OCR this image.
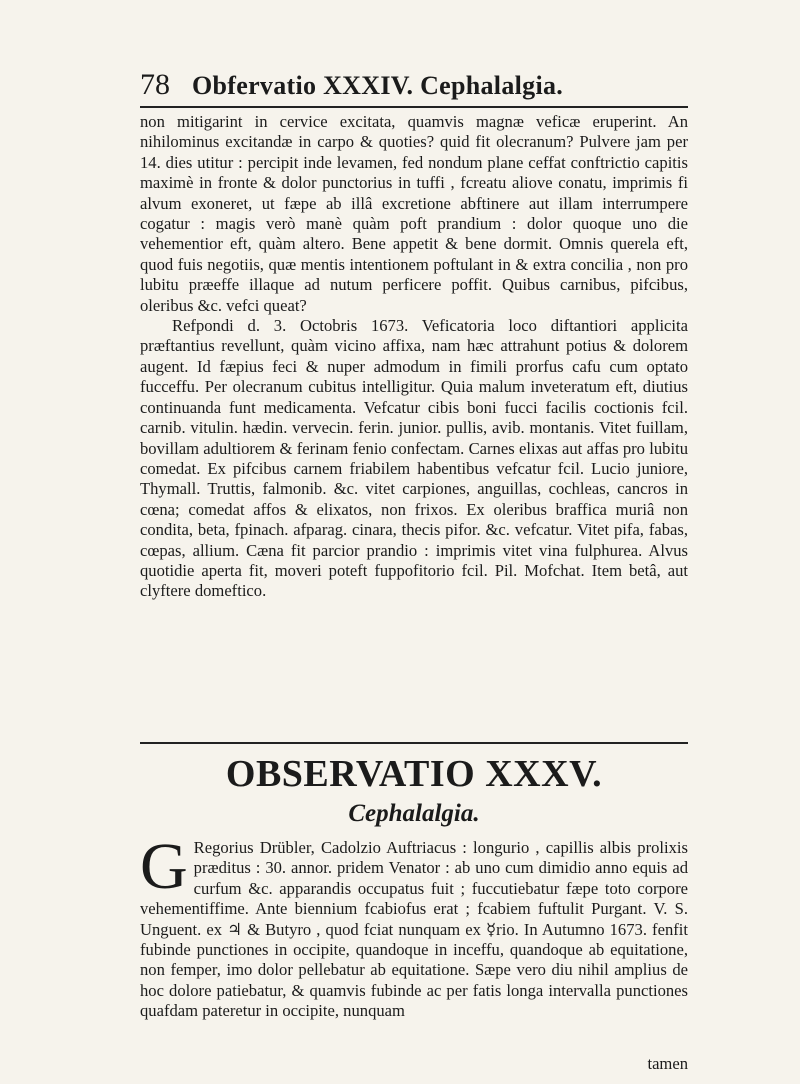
78 Obfervatio XXXIV. Cephalalgia.

non mitigarint in cervice excitata, quamvis magnæ veficæ eruperint. An nihilominus excitandæ in carpo & quoties? quid fit olecranum? Pulvere jam per 14. dies utitur : percipit inde levamen, fed nondum plane ceffat conftrictio capitis maximè in fronte & dolor punctorius in tuffi , fcreatu aliove conatu, imprimis fi alvum exoneret, ut fæpe ab illâ excretione abftinere aut illam interrumpere cogatur : magis verò manè quàm poft prandium : dolor quoque uno die vehementior eft, quàm altero. Bene appetit & bene dormit. Omnis querela eft, quod fuis negotiis, quæ mentis intentionem poftulant in & extra concilia , non pro lubitu præeffe illaque ad nutum perficere poffit. Quibus carnibus, pifcibus, oleribus &c. vefci queat?

Refpondi d. 3. Octobris 1673. Veficatoria loco diftantiori applicita præftantius revellunt, quàm vicino affixa, nam hæc attrahunt potius & dolorem augent. Id fæpius feci & nuper admodum in fimili prorfus cafu cum optato fucceffu. Per olecranum cubitus intelligitur. Quia malum inveteratum eft, diutius continuanda funt medicamenta. Vefcatur cibis boni fucci facilis coctionis fcil. carnib. vitulin. hædin. vervecin. ferin. junior. pullis, avib. montanis. Vitet fuillam, bovillam adultiorem & ferinam fenio confectam. Carnes elixas aut affas pro lubitu comedat. Ex pifcibus carnem friabilem habentibus vefcatur fcil. Lucio juniore, Thymall. Truttis, falmonib. &c. vitet carpiones, anguillas, cochleas, cancros in cœna; comedat affos & elixatos, non frixos. Ex oleribus braffica muriâ non condita, beta, fpinach. afparag. cinara, thecis pifor. &c. vefcatur. Vitet pifa, fabas, cœpas, allium. Cæna fit parcior prandio : imprimis vitet vina fulphurea. Alvus quotidie aperta fit, moveri poteft fuppofitorio fcil. Pil. Mofchat. Item betâ, aut clyftere domeftico.

OBSERVATIO XXXV.
Cephalalgia.
G Regorius Drübler, Cadolzio Auftriacus : longurio , capillis albis prolixis præditus : 30. annor. pridem Venator : ab uno cum dimidio anno equis ad curfum &c. apparandis occupatus fuit ; fuccutiebatur fæpe toto corpore vehementiffime. Ante biennium fcabiofus erat ; fcabiem fuftulit Purgant. V. S. Unguent. ex ♃ & Butyro , quod fciat nunquam ex ☿rio. In Autumno 1673. fenfit fubinde punctiones in occipite, quandoque in inceffu, quandoque ab equitatione, non femper, imo dolor pellebatur ab equitatione. Sæpe vero diu nihil amplius de hoc dolore patiebatur, & quamvis fubinde ac per fatis longa intervalla punctiones quafdam pateretur in occipite, nunquam
tamen
